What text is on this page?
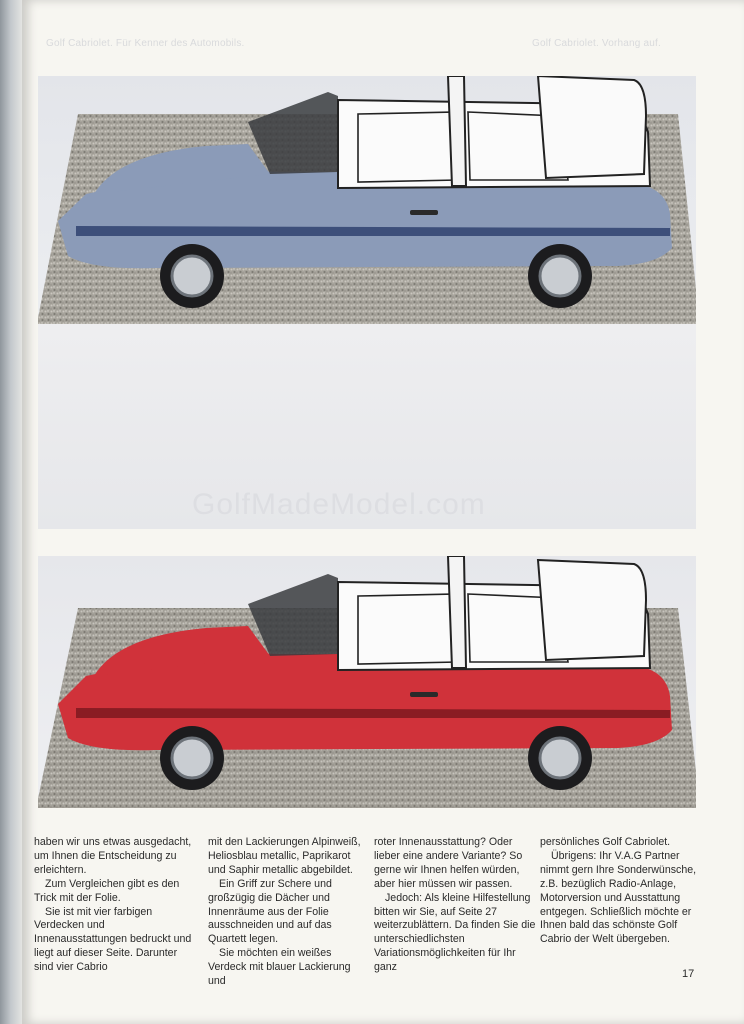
Golf Cabriolet. Für Kenner des Automobils.	Golf Cabriolet. Vorhang auf.
GolfMadeModel.com

haben wir uns etwas ausgedacht, um Ihnen die Entscheidung zu erleichtern.

Zum Vergleichen gibt es den Trick mit der Folie.

Sie ist mit vier farbigen Verdecken und Innenausstattungen bedruckt und liegt auf dieser Seite. Darunter sind vier Cabrio

mit den Lackierungen Alpinweiß, Heliosblau metallic, Paprikarot und Saphir metallic abgebildet.

Ein Griff zur Schere und großzügig die Dächer und Innenräume aus der Folie ausschneiden und auf das Quartett legen.

Sie möchten ein weißes Verdeck mit blauer Lackierung und

roter Innenausstattung? Oder lieber eine andere Variante? So gerne wir Ihnen helfen würden, aber hier müssen wir passen.

Jedoch: Als kleine Hilfestellung bitten wir Sie, auf Seite 27 weiterzublättern. Da finden Sie die unterschiedlichsten Variationsmöglichkeiten für Ihr ganz

persönliches Golf Cabriolet.

Übrigens: Ihr V.A.G Partner nimmt gern Ihre Sonderwünsche, z.B. bezüglich Radio-Anlage, Motorversion und Ausstattung entgegen. Schließlich möchte er Ihnen bald das schönste Golf Cabrio der Welt übergeben.

17
